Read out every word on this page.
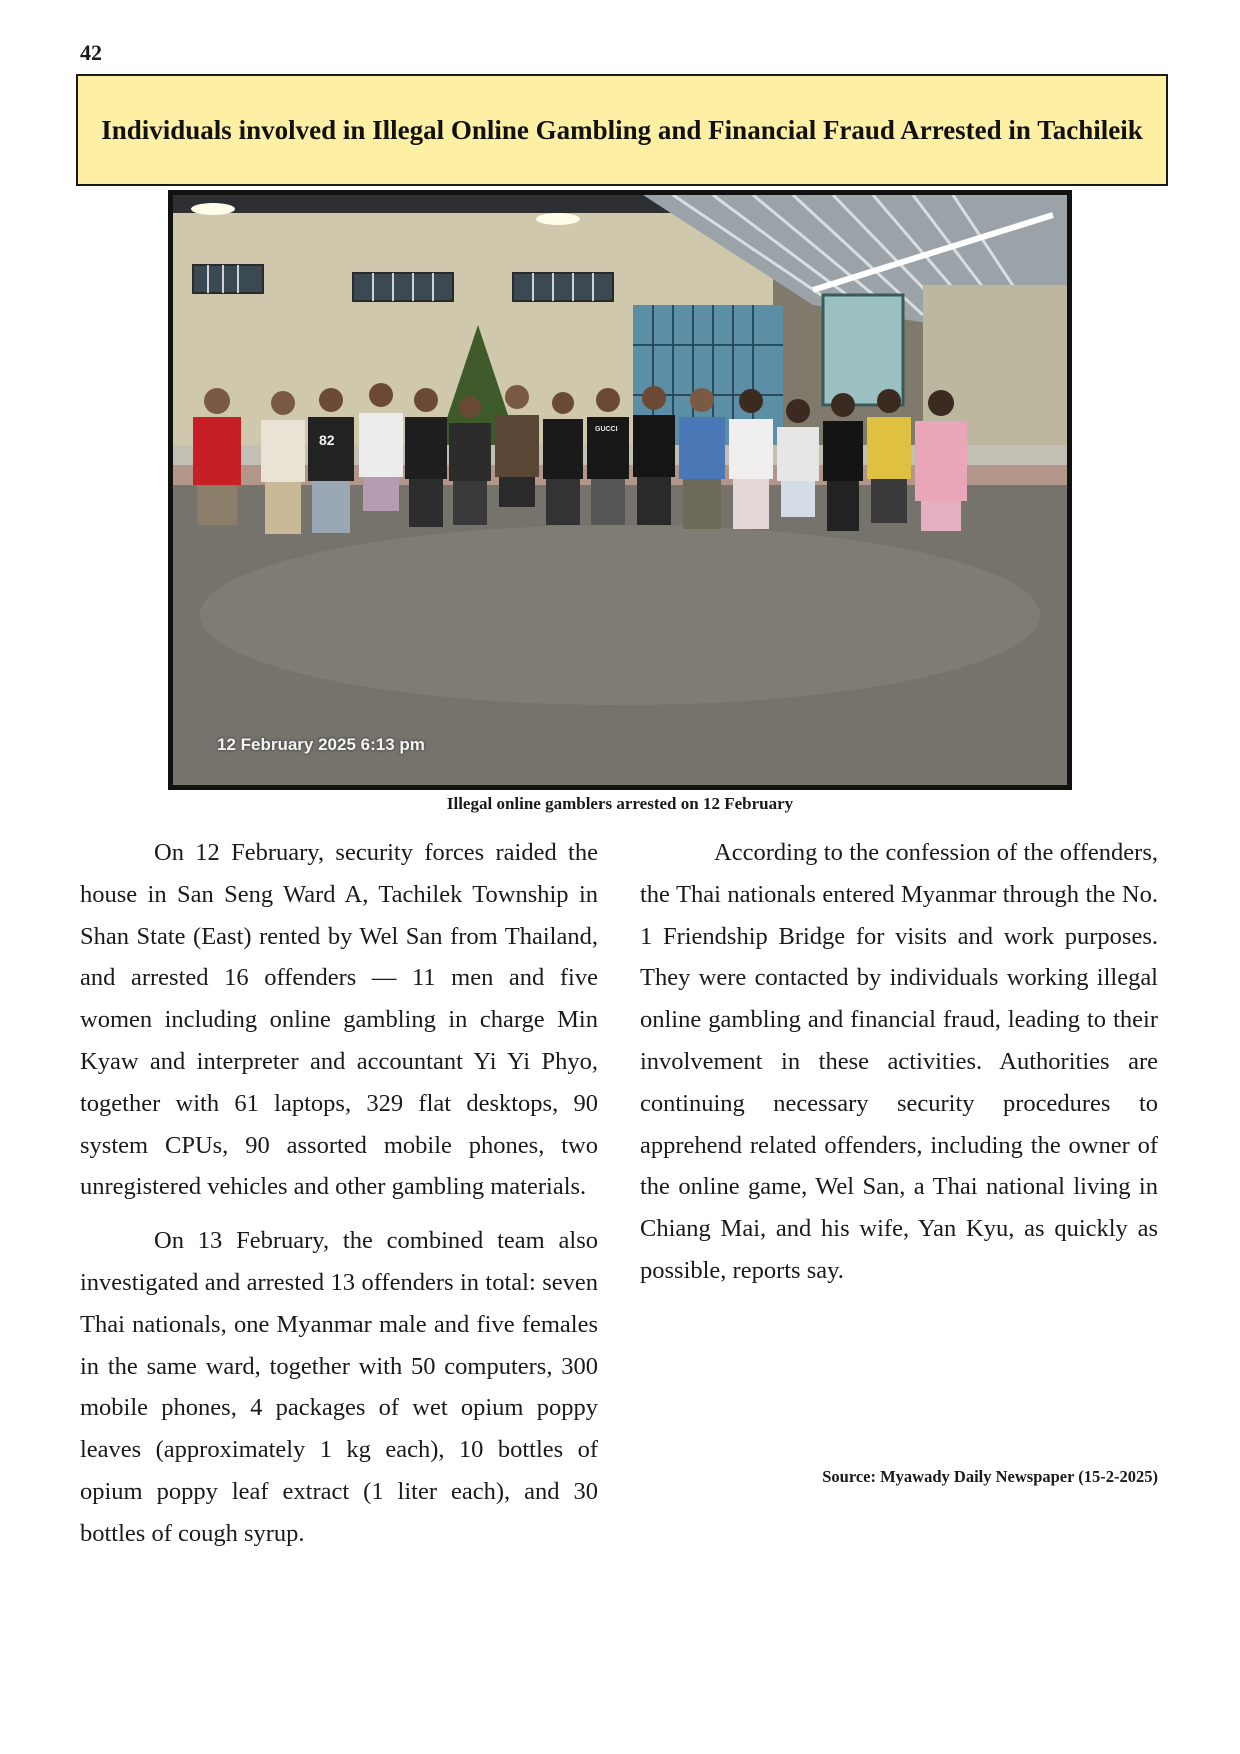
42
Individuals involved in Illegal Online Gambling and Financial Fraud Arrested in Tachileik
82
GUCCI
12 February 2025 6:13 pm
Illegal online gamblers arrested on 12 February

On 12 February, security forces raided the house in San Seng Ward A, Tachilek Township in Shan State (East) rented by Wel San from Thailand, and arrested 16 offenders — 11 men and five women including online gambling in charge Min Kyaw and interpreter and accountant Yi Yi Phyo, together with 61 laptops, 329 flat desktops, 90 system CPUs, 90 assorted mobile phones, two unregistered vehicles and other gambling materials.

On 13 February, the combined team also investigated and arrested 13 offenders in total: seven Thai nationals, one Myanmar male and five females in the same ward, together with 50 computers, 300 mobile phones, 4 packages of wet opium poppy leaves (approximately 1 kg each), 10 bottles of opium poppy leaf extract (1 liter each), and 30 bottles of cough syrup.

According to the confession of the offenders, the Thai nationals entered Myanmar through the No. 1 Friendship Bridge for visits and work purposes. They were contacted by individuals working illegal online gambling and financial fraud, leading to their involvement in these activities. Authorities are continuing necessary security procedures to apprehend related offenders, including the owner of the online game, Wel San, a Thai national living in Chiang Mai, and his wife, Yan Kyu, as quickly as possible, reports say.

Source: Myawady Daily Newspaper (15-2-2025)
